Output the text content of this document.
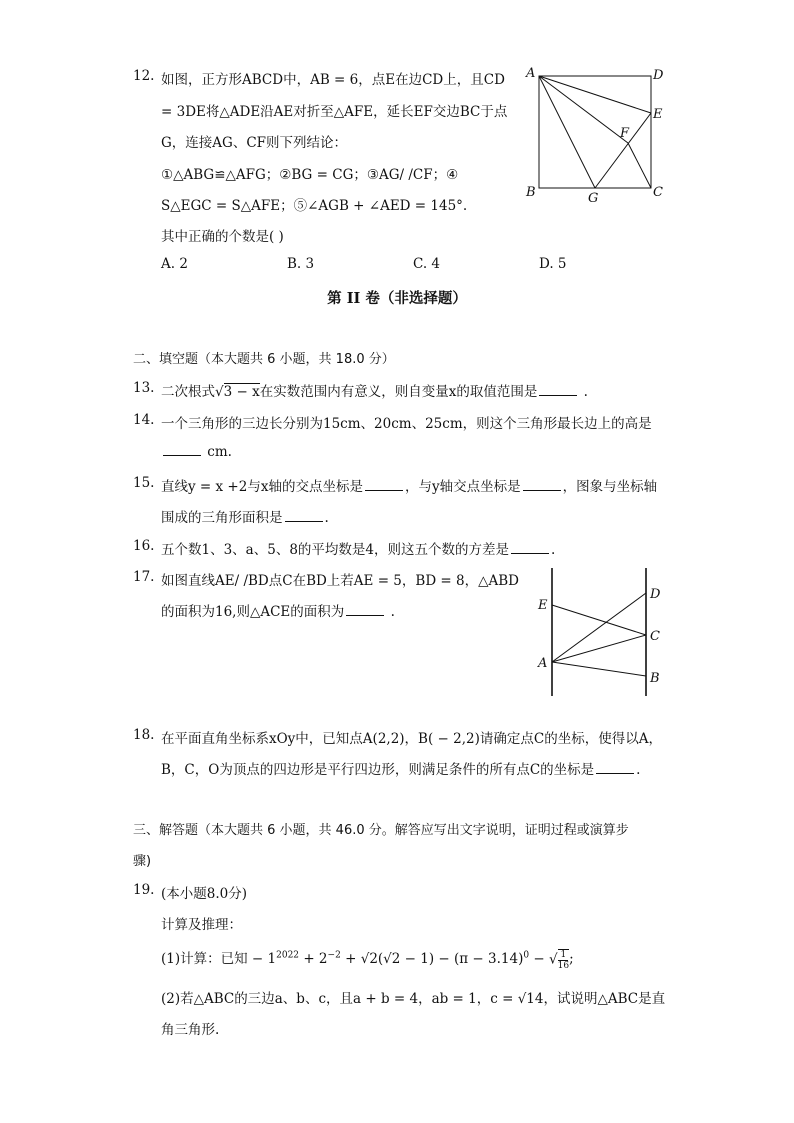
12. 如图，正方形ABCD中，AB = 6，点E在边CD上，且CD
= 3DE将△ADE沿AE对折至△AFE，延长EF交边BC于点
G，连接AG、CF则下列结论：
①△ABG≌△AFG；②BG = CG；③AG/ /CF；④
S△EGC = S△AFE；⑤∠AGB + ∠AED = 145°.
其中正确的个数是( )
A. 2	B. 3	C. 4	D. 5
A	D
E
F
B	G	C
第 II 卷（非选择题）
二、填空题（本大题共 6 小题，共 18.0 分）
13. 二次根式√3 − x在实数范围内有意义，则自变量x的取值范围是	.
14. 一个三角形的三边长分别为15cm、20cm、25cm，则这个三角形最长边上的高是
cm.
15. 直线y = x +2与x轴的交点坐标是	，与y轴交点坐标是	，图象与坐标轴
围成的三角形面积是	.
16. 五个数1、3、a、5、8的平均数是4，则这五个数的方差是	.
17. 如图直线AE/ /BD点C在BD上若AE = 5，BD = 8，△ABD
的面积为16,则△ACE的面积为	.	E
A
D
C
B
18. 在平面直角坐标系xOy中，已知点A(2,2)，B( − 2,2)请确定点C的坐标，使得以A，
B，C，O为顶点的四边形是平行四边形，则满足条件的所有点C的坐标是	.
三、解答题（本大题共 6 小题，共 46.0 分。解答应写出文字说明，证明过程或演算步
骤)
19. (本小题8.0分)
计算及推理：
(1)计算：已知 − $1^{2022} + 2^{-2} + √2(√2 - 1) - (\pi - 3.14)^0$ − √ $\frac{1}{16}$ ;
(2)若△ABC的三边a、b、c，且a + b = 4，ab = 1，c = √14，试说明△ABC是直
角三角形.
